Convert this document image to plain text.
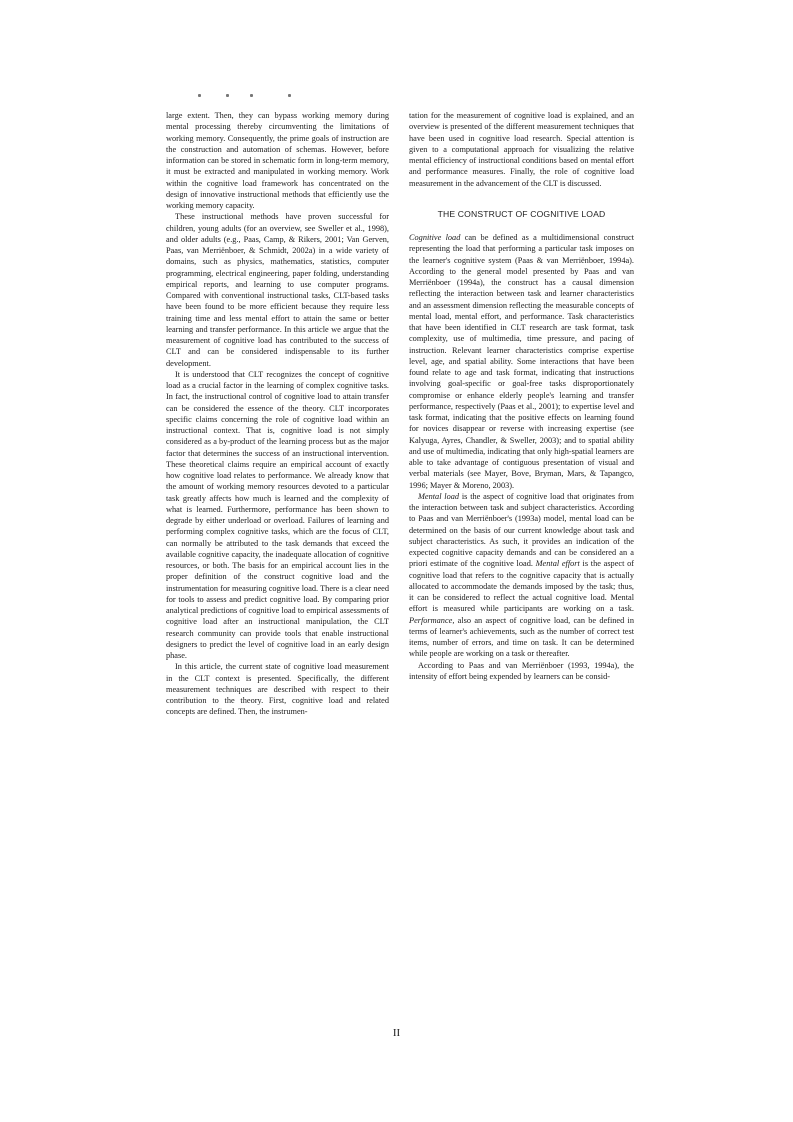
large extent. Then, they can bypass working memory during mental processing thereby circumventing the limitations of working memory. Consequently, the prime goals of instruction are the construction and automation of schemas. However, before information can be stored in schematic form in long-term memory, it must be extracted and manipulated in working memory. Work within the cognitive load framework has concentrated on the design of innovative instructional methods that efficiently use the working memory capacity.

These instructional methods have proven successful for children, young adults (for an overview, see Sweller et al., 1998), and older adults (e.g., Paas, Camp, & Rikers, 2001; Van Gerven, Paas, van Merriënboer, & Schmidt, 2002a) in a wide variety of domains, such as physics, mathematics, statistics, computer programming, electrical engineering, paper folding, understanding empirical reports, and learning to use computer programs. Compared with conventional instructional tasks, CLT-based tasks have been found to be more efficient because they require less training time and less mental effort to attain the same or better learning and transfer performance. In this article we argue that the measurement of cognitive load has contributed to the success of CLT and can be considered indispensable to its further development.

It is understood that CLT recognizes the concept of cognitive load as a crucial factor in the learning of complex cognitive tasks. In fact, the instructional control of cognitive load to attain transfer can be considered the essence of the theory. CLT incorporates specific claims concerning the role of cognitive load within an instructional context. That is, cognitive load is not simply considered as a by-product of the learning process but as the major factor that determines the success of an instructional intervention. These theoretical claims require an empirical account of exactly how cognitive load relates to performance. We already know that the amount of working memory resources devoted to a particular task greatly affects how much is learned and the complexity of what is learned. Furthermore, performance has been shown to degrade by either underload or overload. Failures of learning and performing complex cognitive tasks, which are the focus of CLT, can normally be attributed to the task demands that exceed the available cognitive capacity, the inadequate allocation of cognitive resources, or both. The basis for an empirical account lies in the proper definition of the construct cognitive load and the instrumentation for measuring cognitive load. There is a clear need for tools to assess and predict cognitive load. By comparing prior analytical predictions of cognitive load to empirical assessments of cognitive load after an instructional manipulation, the CLT research community can provide tools that enable instructional designers to predict the level of cognitive load in an early design phase.

In this article, the current state of cognitive load measurement in the CLT context is presented. Specifically, the different measurement techniques are described with respect to their contribution to the theory. First, cognitive load and related concepts are defined. Then, the instrumen-

tation for the measurement of cognitive load is explained, and an overview is presented of the different measurement techniques that have been used in cognitive load research. Special attention is given to a computational approach for visualizing the relative mental efficiency of instructional conditions based on mental effort and performance measures. Finally, the role of cognitive load measurement in the advancement of the CLT is discussed.

THE CONSTRUCT OF COGNITIVE LOAD

Cognitive load can be defined as a multidimensional construct representing the load that performing a particular task imposes on the learner's cognitive system (Paas & van Merriënboer, 1994a). According to the general model presented by Paas and van Merriënboer (1994a), the construct has a causal dimension reflecting the interaction between task and learner characteristics and an assessment dimension reflecting the measurable concepts of mental load, mental effort, and performance. Task characteristics that have been identified in CLT research are task format, task complexity, use of multimedia, time pressure, and pacing of instruction. Relevant learner characteristics comprise expertise level, age, and spatial ability. Some interactions that have been found relate to age and task format, indicating that instructions involving goal-specific or goal-free tasks disproportionately compromise or enhance elderly people's learning and transfer performance, respectively (Paas et al., 2001); to expertise level and task format, indicating that the positive effects on learning found for novices disappear or reverse with increasing expertise (see Kalyuga, Ayres, Chandler, & Sweller, 2003); and to spatial ability and use of multimedia, indicating that only high-spatial learners are able to take advantage of contiguous presentation of visual and verbal materials (see Mayer, Bove, Bryman, Mars, & Tapangco, 1996; Mayer & Moreno, 2003).

Mental load is the aspect of cognitive load that originates from the interaction between task and subject characteristics. According to Paas and van Merriënboer's (1993a) model, mental load can be determined on the basis of our current knowledge about task and subject characteristics. As such, it provides an indication of the expected cognitive capacity demands and can be considered an a priori estimate of the cognitive load. Mental effort is the aspect of cognitive load that refers to the cognitive capacity that is actually allocated to accommodate the demands imposed by the task; thus, it can be considered to reflect the actual cognitive load. Mental effort is measured while participants are working on a task. Performance, also an aspect of cognitive load, can be defined in terms of learner's achievements, such as the number of correct test items, number of errors, and time on task. It can be determined while people are working on a task or thereafter.

According to Paas and van Merriënboer (1993, 1994a), the intensity of effort being expended by learners can be consid-

II
